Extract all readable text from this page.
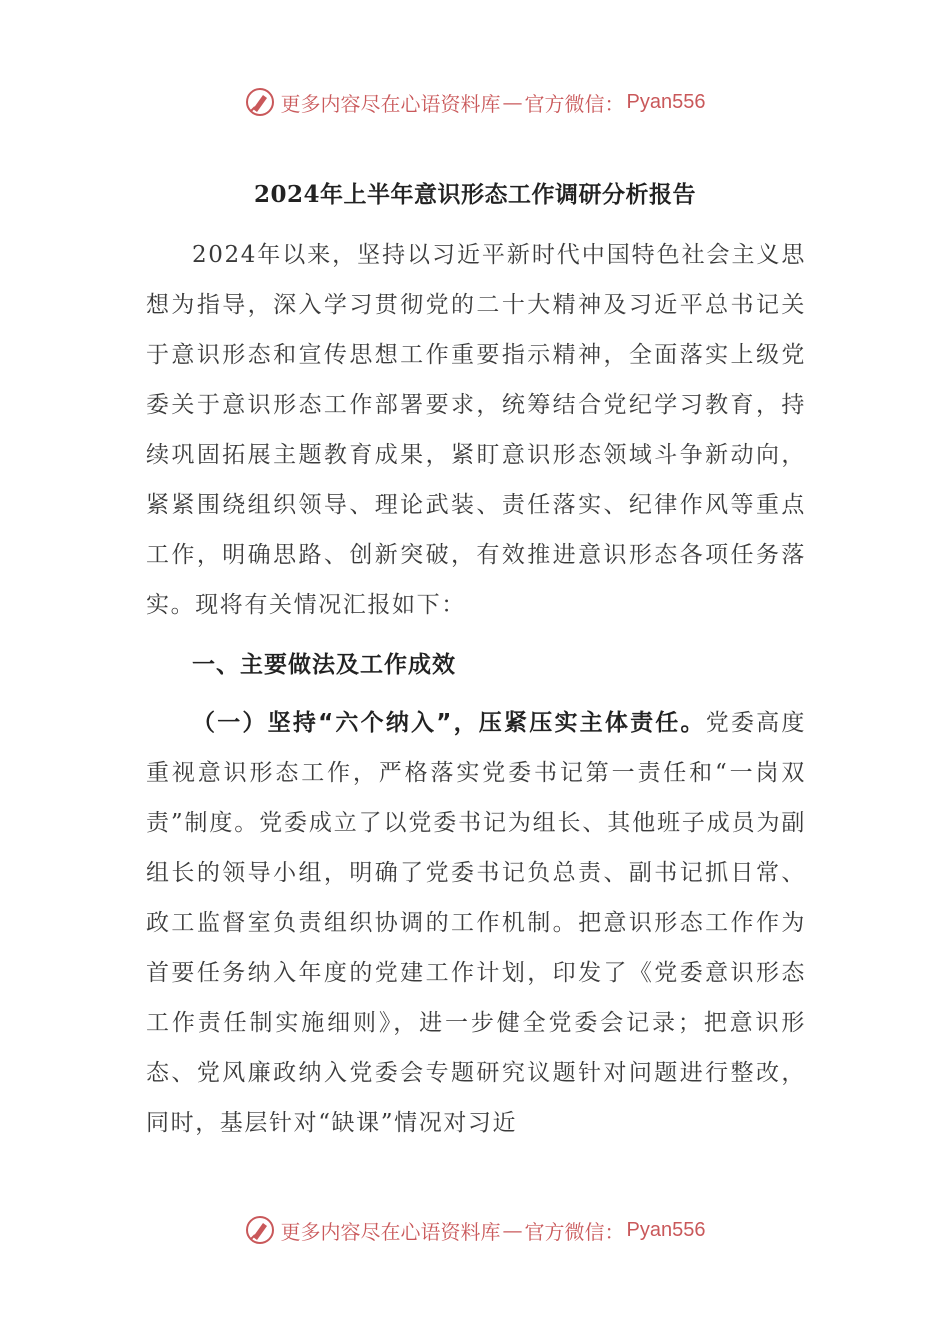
更多内容尽在心语资料库 — 官方微信： Pyan556
2024年上半年意识形态工作调研分析报告

2024年以来，坚持以习近平新时代中国特色社会主义思想为指导，深入学习贯彻党的二十大精神及习近平总书记关于意识形态和宣传思想工作重要指示精神，全面落实上级党委关于意识形态工作部署要求，统筹结合党纪学习教育，持续巩固拓展主题教育成果，紧盯意识形态领域斗争新动向，紧紧围绕组织领导、理论武装、责任落实、纪律作风等重点工作，明确思路、创新突破，有效推进意识形态各项任务落实。现将有关情况汇报如下：

一、主要做法及工作成效

（一）坚持“六个纳入”，压紧压实主体责任。党委高度重视意识形态工作，严格落实党委书记第一责任和“一岗双责”制度。党委成立了以党委书记为组长、其他班子成员为副组长的领导小组，明确了党委书记负总责、副书记抓日常、政工监督室负责组织协调的工作机制。把意识形态工作作为首要任务纳入年度的党建工作计划，印发了《党委意识形态工作责任制实施细则》，进一步健全党委会记录；把意识形态、党风廉政纳入党委会专题研究议题针对问题进行整改，同时，基层针对“缺课”情况对习近

更多内容尽在心语资料库 — 官方微信： Pyan556
